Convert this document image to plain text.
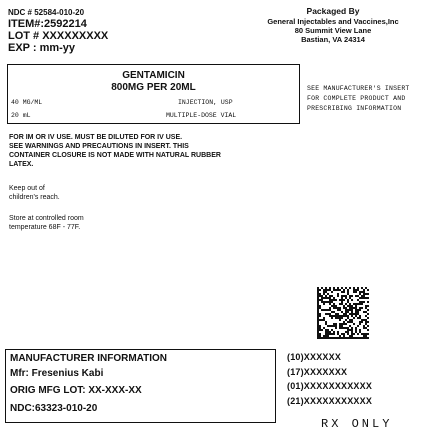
NDC # 52584-010-20
ITEM#:2592214
LOT # XXXXXXXXX
EXP : mm-yy
Packaged By
General Injectables and Vaccines,Inc
80 Summit View Lane
Bastian, VA 24314
GENTAMICIN
800MG PER 20ML
40 MG/ML	INJECTION, USP
20 mL	MULTIPLE-DOSE VIAL
SEE MANUFACTURER'S INSERT
FOR COMPLETE PRODUCT AND
PRESCRIBING INFORMATION
FOR IM OR IV USE. MUST BE DILUTED FOR IV USE.
SEE WARNINGS AND PRECAUTIONS IN INSERT. THIS
CONTAINER CLOSURE IS NOT MADE WITH NATURAL RUBBER
LATEX.
Keep out of
children's reach.
Store at controlled room
temperature 68F - 77F.
MANUFACTURER INFORMATION
Mfr: Fresenius Kabi
ORIG MFG LOT: XX-XXX-XX
NDC:63323-010-20
(10)XXXXXX
(17)XXXXXXX
(01)XXXXXXXXXXX
(21)XXXXXXXXXXX
RX ONLY
